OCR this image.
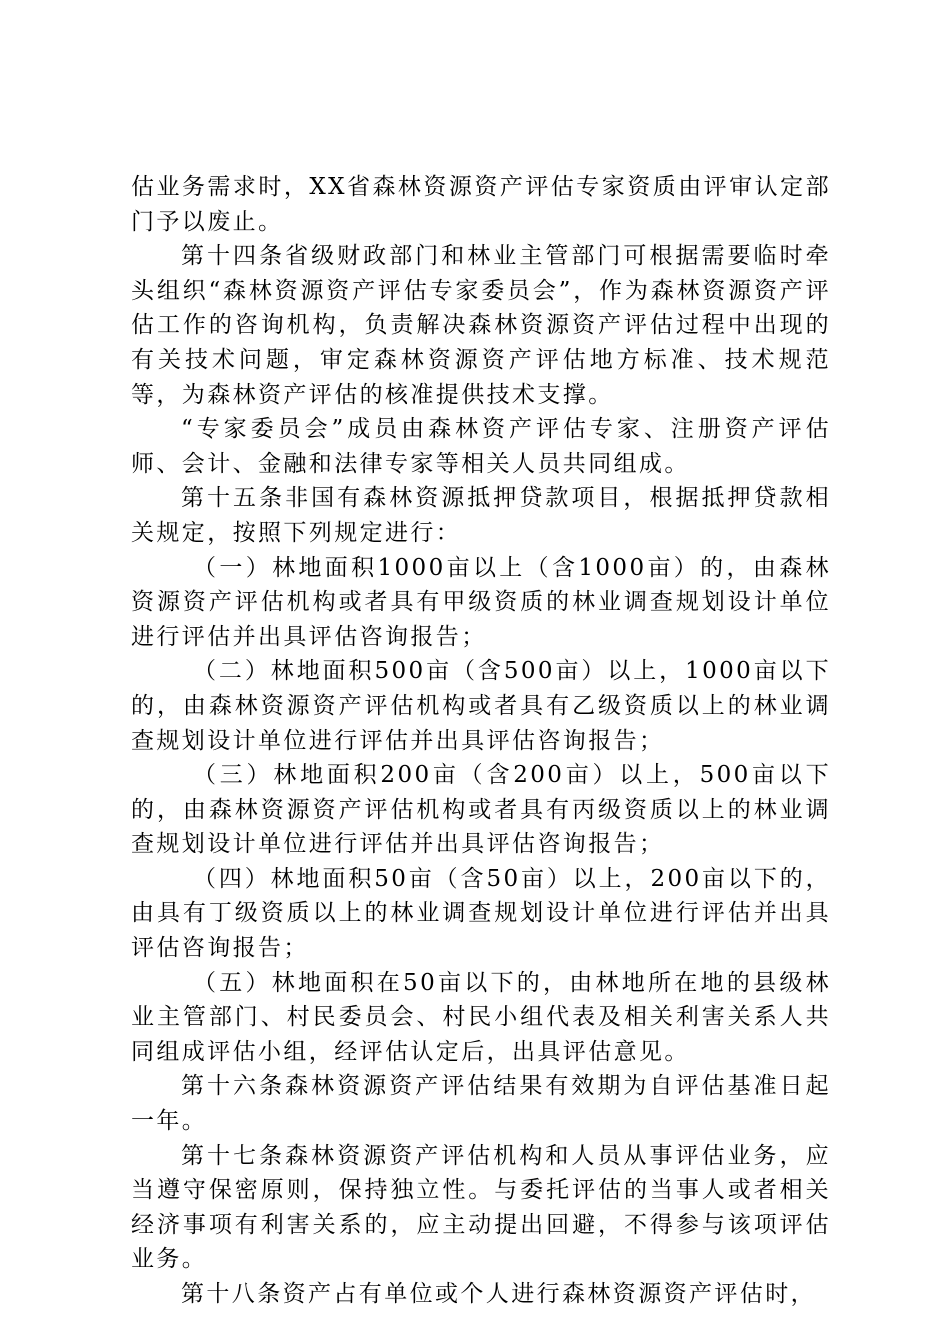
估业务需求时，XX省森林资源资产评估专家资质由评审认定部门予以废止。

第十四条省级财政部门和林业主管部门可根据需要临时牵头组织“森林资源资产评估专家委员会”，作为森林资源资产评估工作的咨询机构，负责解决森林资源资产评估过程中出现的有关技术问题，审定森林资源资产评估地方标准、技术规范等，为森林资产评估的核准提供技术支撑。

“专家委员会”成员由森林资产评估专家、注册资产评估师、会计、金融和法律专家等相关人员共同组成。

第十五条非国有森林资源抵押贷款项目，根据抵押贷款相关规定，按照下列规定进行：

（一）林地面积1000亩以上（含1000亩）的，由森林资源资产评估机构或者具有甲级资质的林业调查规划设计单位进行评估并出具评估咨询报告；

（二）林地面积500亩（含500亩）以上，1000亩以下的，由森林资源资产评估机构或者具有乙级资质以上的林业调查规划设计单位进行评估并出具评估咨询报告；

（三）林地面积200亩（含200亩）以上，500亩以下的，由森林资源资产评估机构或者具有丙级资质以上的林业调查规划设计单位进行评估并出具评估咨询报告；

（四）林地面积50亩（含50亩）以上，200亩以下的，由具有丁级资质以上的林业调查规划设计单位进行评估并出具评估咨询报告；

（五）林地面积在50亩以下的，由林地所在地的县级林业主管部门、村民委员会、村民小组代表及相关利害关系人共同组成评估小组，经评估认定后，出具评估意见。

第十六条森林资源资产评估结果有效期为自评估基准日起一年。

第十七条森林资源资产评估机构和人员从事评估业务，应当遵守保密原则，保持独立性。与委托评估的当事人或者相关经济事项有利害关系的，应主动提出回避，不得参与该项评估业务。

第十八条资产占有单位或个人进行森林资源资产评估时，
